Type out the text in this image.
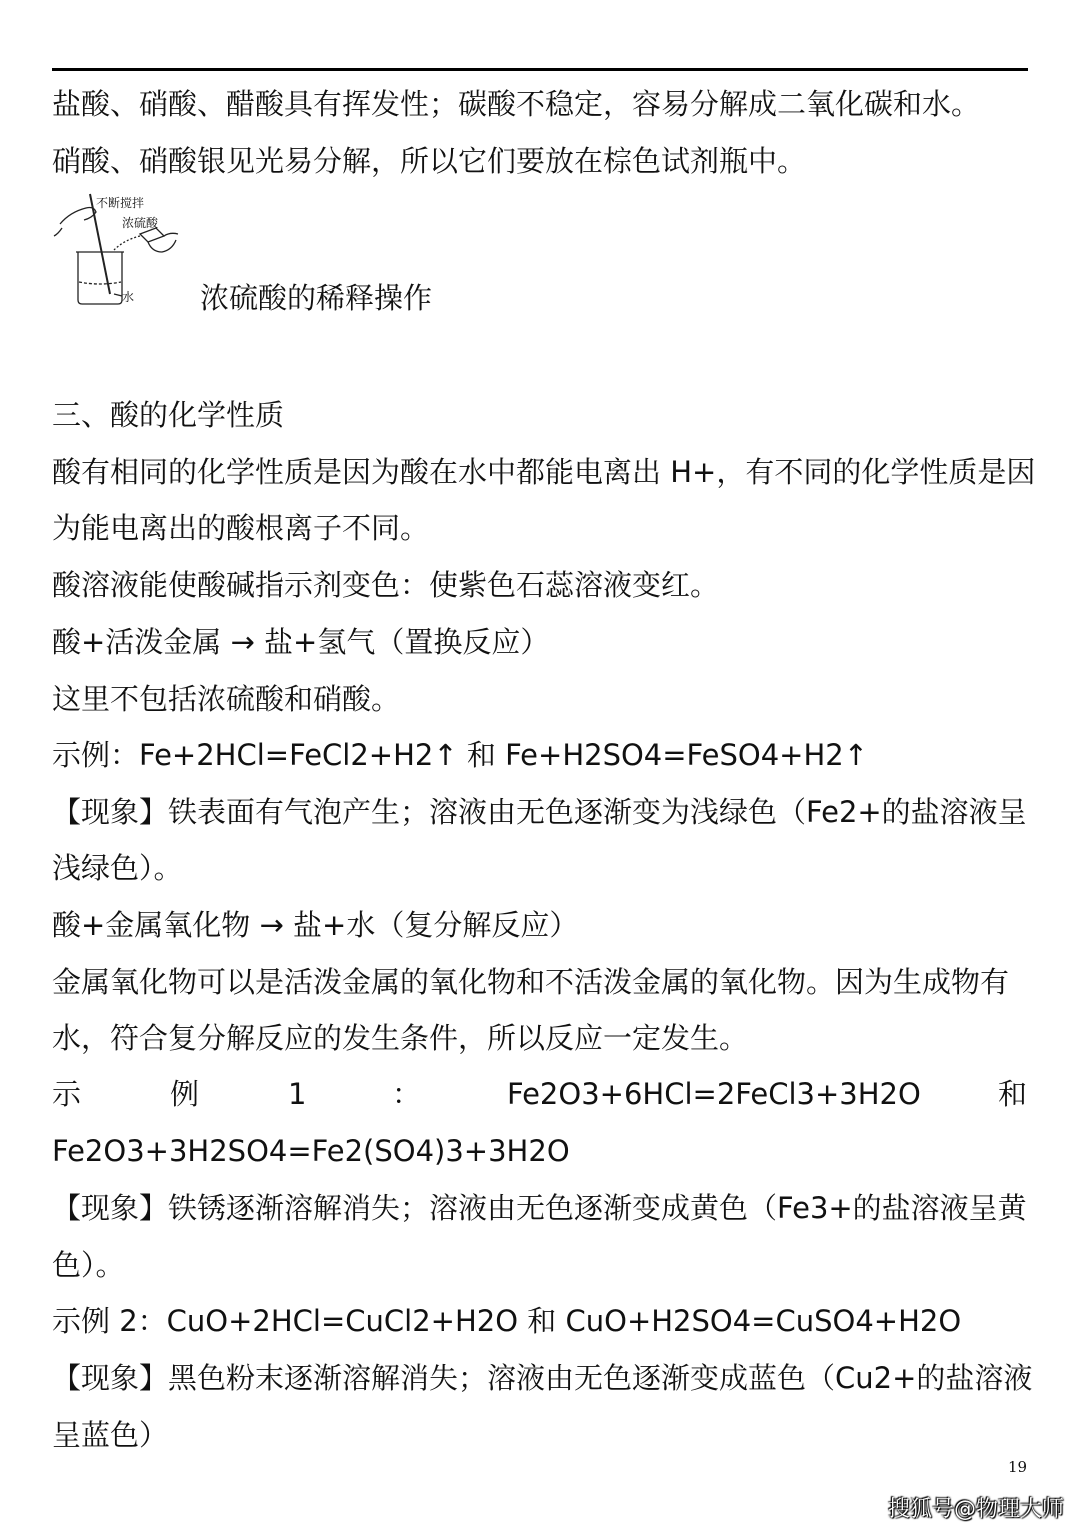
盐酸、硝酸、醋酸具有挥发性；碳酸不稳定，容易分解成二氧化碳和水。
硝酸、硝酸银见光易分解，所以它们要放在棕色试剂瓶中。
不断搅拌
浓硫酸
水 浓硫酸的稀释操作
三、酸的化学性质
酸有相同的化学性质是因为酸在水中都能电离出 H+，有不同的化学性质是因
为能电离出的酸根离子不同。
酸溶液能使酸碱指示剂变色：使紫色石蕊溶液变红。
酸+活泼金属 → 盐+氢气（置换反应）
这里不包括浓硫酸和硝酸。
示例：Fe+2HCl=FeCl2+H2↑ 和 Fe+H2SO4=FeSO4+H2↑
【现象】铁表面有气泡产生；溶液由无色逐渐变为浅绿色（Fe2+的盐溶液呈
浅绿色）。
酸+金属氧化物 → 盐+水（复分解反应）
金属氧化物可以是活泼金属的氧化物和不活泼金属的氧化物。因为生成物有
水，符合复分解反应的发生条件，所以反应一定发生。
示	例	1	：	Fe2O3+6HCl=2FeCl3+3H2O	和
Fe2O3+3H2SO4=Fe2(SO4)3+3H2O
【现象】铁锈逐渐溶解消失；溶液由无色逐渐变成黄色（Fe3+的盐溶液呈黄
色）。
示例 2：CuO+2HCl=CuCl2+H2O 和 CuO+H2SO4=CuSO4+H2O
【现象】黑色粉末逐渐溶解消失；溶液由无色逐渐变成蓝色（Cu2+的盐溶液
呈蓝色）
19
搜狐号@物理大师
